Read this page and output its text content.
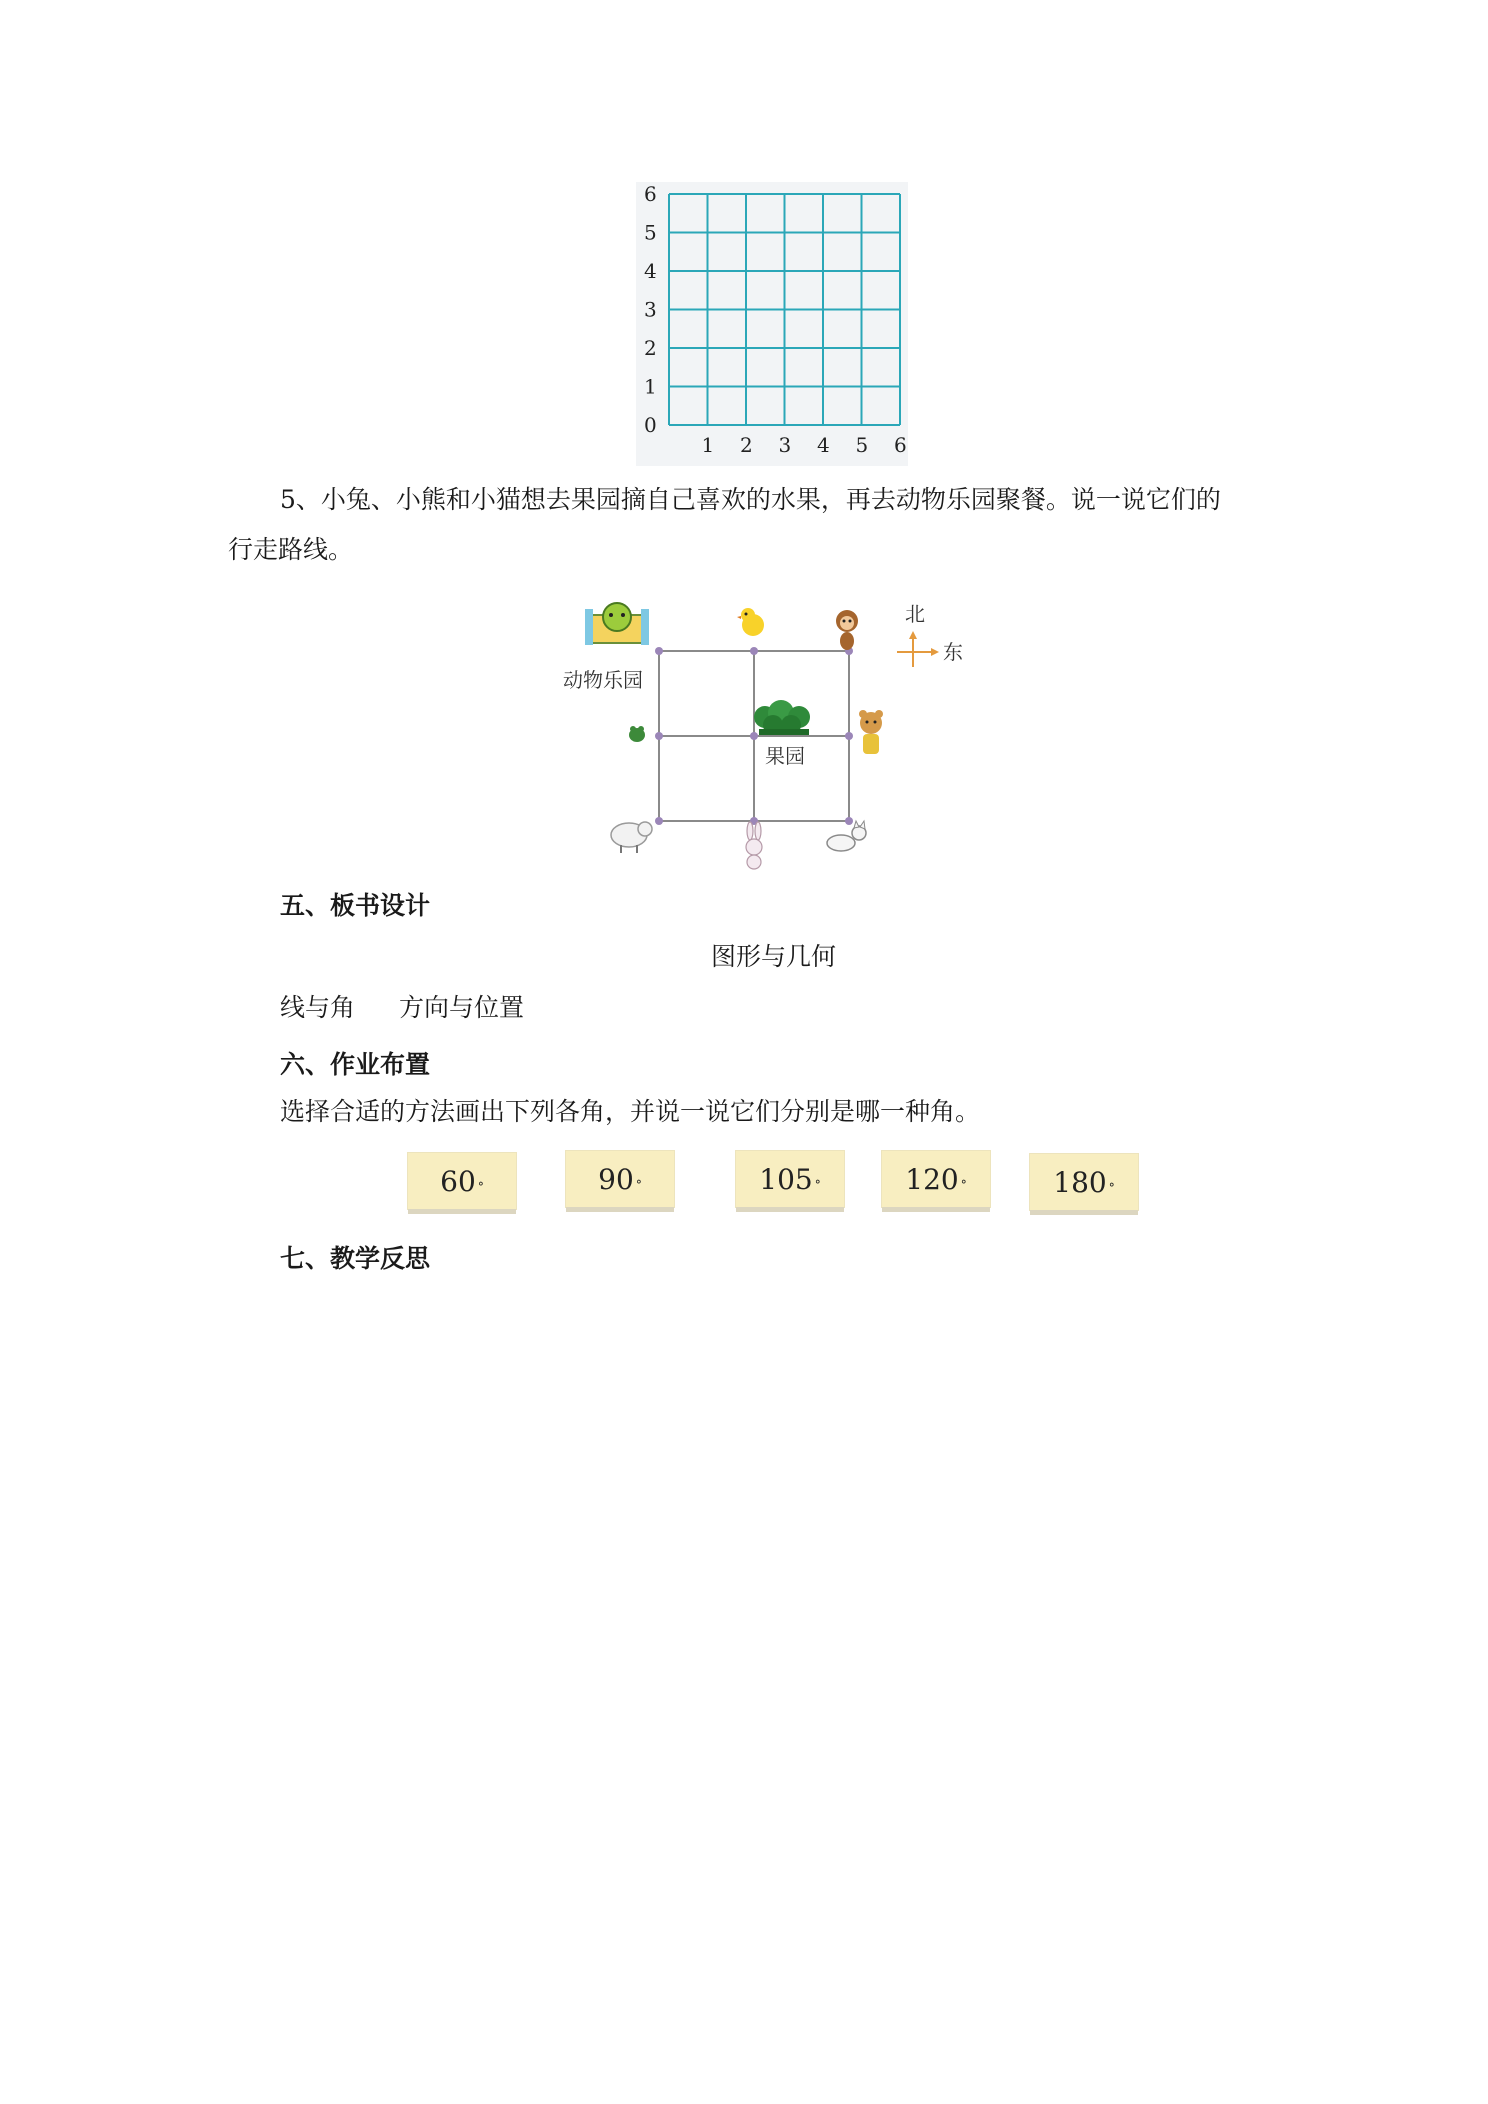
6
5
4
3
2
1
0
1 2 3 4 5 6
5、小兔、小熊和小猫想去果园摘自己喜欢的水果，再去动物乐园聚餐。说一说它们的
行走路线。
动物乐园
北
东
果园
五、板书设计
图形与几何
线与角 方向与位置
六、作业布置
选择合适的方法画出下列各角，并说一说它们分别是哪一种角。
60°	90°	105°	120°	180°
七、教学反思
